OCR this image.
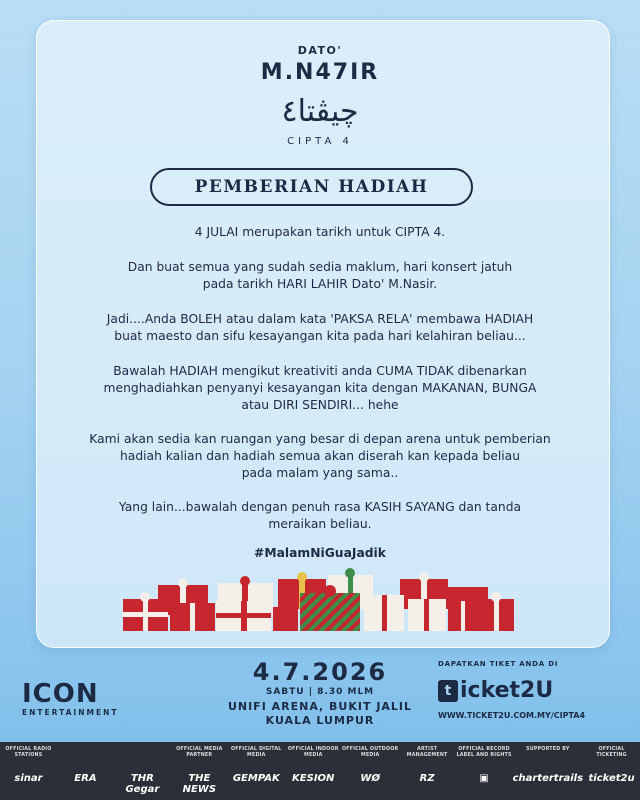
DATO'
M.N47IR
چيڤتا٤
CIPTA 4
PEMBERIAN HADIAH
4 JULAI merupakan tarikh untuk CIPTA 4.
Dan buat semua yang sudah sedia maklum, hari konsert jatuh
pada tarikh HARI LAHIR Dato' M.Nasir.
Jadi....Anda BOLEH atau dalam kata 'PAKSA RELA' membawa HADIAH
buat maesto dan sifu kesayangan kita pada hari kelahiran beliau...
Bawalah HADIAH mengikut kreativiti anda CUMA TIDAK dibenarkan
menghadiahkan penyanyi kesayangan kita dengan MAKANAN, BUNGA
atau DIRI SENDIRI... hehe
Kami akan sedia kan ruangan yang besar di depan arena untuk pemberian
hadiah kalian dan hadiah semua akan diserah kan kepada beliau
pada malam yang sama..
Yang lain...bawalah dengan penuh rasa KASIH SAYANG dan tanda
meraikan beliau.
#MalamNiGuaJadik
ICON
ENTERTAINMENT
4.7.2026
SABTU | 8.30 MLM
UNIFI ARENA, BUKIT JALIL
KUALA LUMPUR
DAPATKAN TIKET ANDA DI
t icket2U
WWW.TICKET2U.COM.MY/CIPTA4
OFFICIAL RADIO STATIONS
sinar	ERA	THR Gegar
OFFICIAL MEDIA PARTNER
THE NEWS
OFFICIAL DIGITAL MEDIA
GEMPAK
OFFICIAL INDOOR MEDIA
KESION
OFFICIAL OUTDOOR MEDIA
WØ
ARTIST MANAGEMENT
RZ
OFFICIAL RECORD LABEL AND RIGHTS
▣
SUPPORTED BY
chartertrails
OFFICIAL TICKETING
ticket2u
